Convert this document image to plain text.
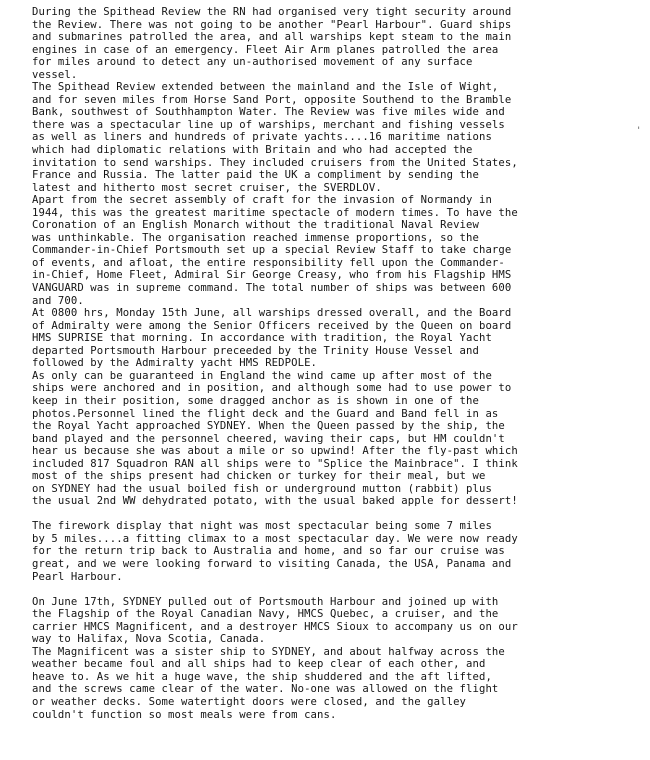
During the Spithead Review the RN had organised very tight security around
the Review. There was not going to be another "Pearl Harbour". Guard ships
and submarines patrolled the area, and all warships kept steam to the main
engines in case of an emergency. Fleet Air Arm planes patrolled the area
for miles around to detect any un-authorised movement of any surface
vessel.
The Spithead Review extended between the mainland and the Isle of Wight,
and for seven miles from Horse Sand Port, opposite Southend to the Bramble
Bank, southwest of Southhampton Water. The Review was five miles wide and
there was a spectacular line up of warships, merchant and fishing vessels
as well as liners and hundreds of private yachts....16 maritime nations
which had diplomatic relations with Britain and who had accepted the
invitation to send warships. They included cruisers from the United States,
France and Russia. The latter paid the UK a compliment by sending the
latest and hitherto most secret cruiser, the SVERDLOV.
Apart from the secret assembly of craft for the invasion of Normandy in
1944, this was the greatest maritime spectacle of modern times. To have the
Coronation of an English Monarch without the traditional Naval Review
was unthinkable. The organisation reached immense proportions, so the
Commander-in-Chief Portsmouth set up a special Review Staff to take charge
of events, and afloat, the entire responsibility fell upon the Commander-
in-Chief, Home Fleet, Admiral Sir George Creasy, who from his Flagship HMS
VANGUARD was in supreme command. The total number of ships was between 600
and 700.
At 0800 hrs, Monday 15th June, all warships dressed overall, and the Board
of Admiralty were among the Senior Officers received by the Queen on board
HMS SUPRISE that morning. In accordance with tradition, the Royal Yacht
departed Portsmouth Harbour preceeded by the Trinity House Vessel and
followed by the Admiralty yacht HMS REDPOLE.
As only can be guaranteed in England the wind came up after most of the
ships were anchored and in position, and although some had to use power to
keep in their position, some dragged anchor as is shown in one of the
photos.Personnel lined the flight deck and the Guard and Band fell in as
the Royal Yacht approached SYDNEY. When the Queen passed by the ship, the
band played and the personnel cheered, waving their caps, but HM couldn't
hear us because she was about a mile or so upwind! After the fly-past which
included 817 Squadron RAN all ships were to "Splice the Mainbrace". I think
most of the ships present had chicken or turkey for their meal, but we
on SYDNEY had the usual boiled fish or underground mutton (rabbit) plus
the usual 2nd WW dehydrated potato, with the usual baked apple for dessert!
The firework display that night was most spectacular being some 7 miles
by 5 miles....a fitting climax to a most spectacular day. We were now ready
for the return trip back to Australia and home, and so far our cruise was
great, and we were looking forward to visiting Canada, the USA, Panama and
Pearl Harbour.
On June 17th, SYDNEY pulled out of Portsmouth Harbour and joined up with
the Flagship of the Royal Canadian Navy, HMCS Quebec, a cruiser, and the
carrier HMCS Magnificent, and a destroyer HMCS Sioux to accompany us on our
way to Halifax, Nova Scotia, Canada.
The Magnificent was a sister ship to SYDNEY, and about halfway across the
weather became foul and all ships had to keep clear of each other, and
heave to. As we hit a huge wave, the ship shuddered and the aft lifted,
and the screws came clear of the water. No-one was allowed on the flight
or weather decks. Some watertight doors were closed, and the galley
couldn't function so most meals were from cans.
'
